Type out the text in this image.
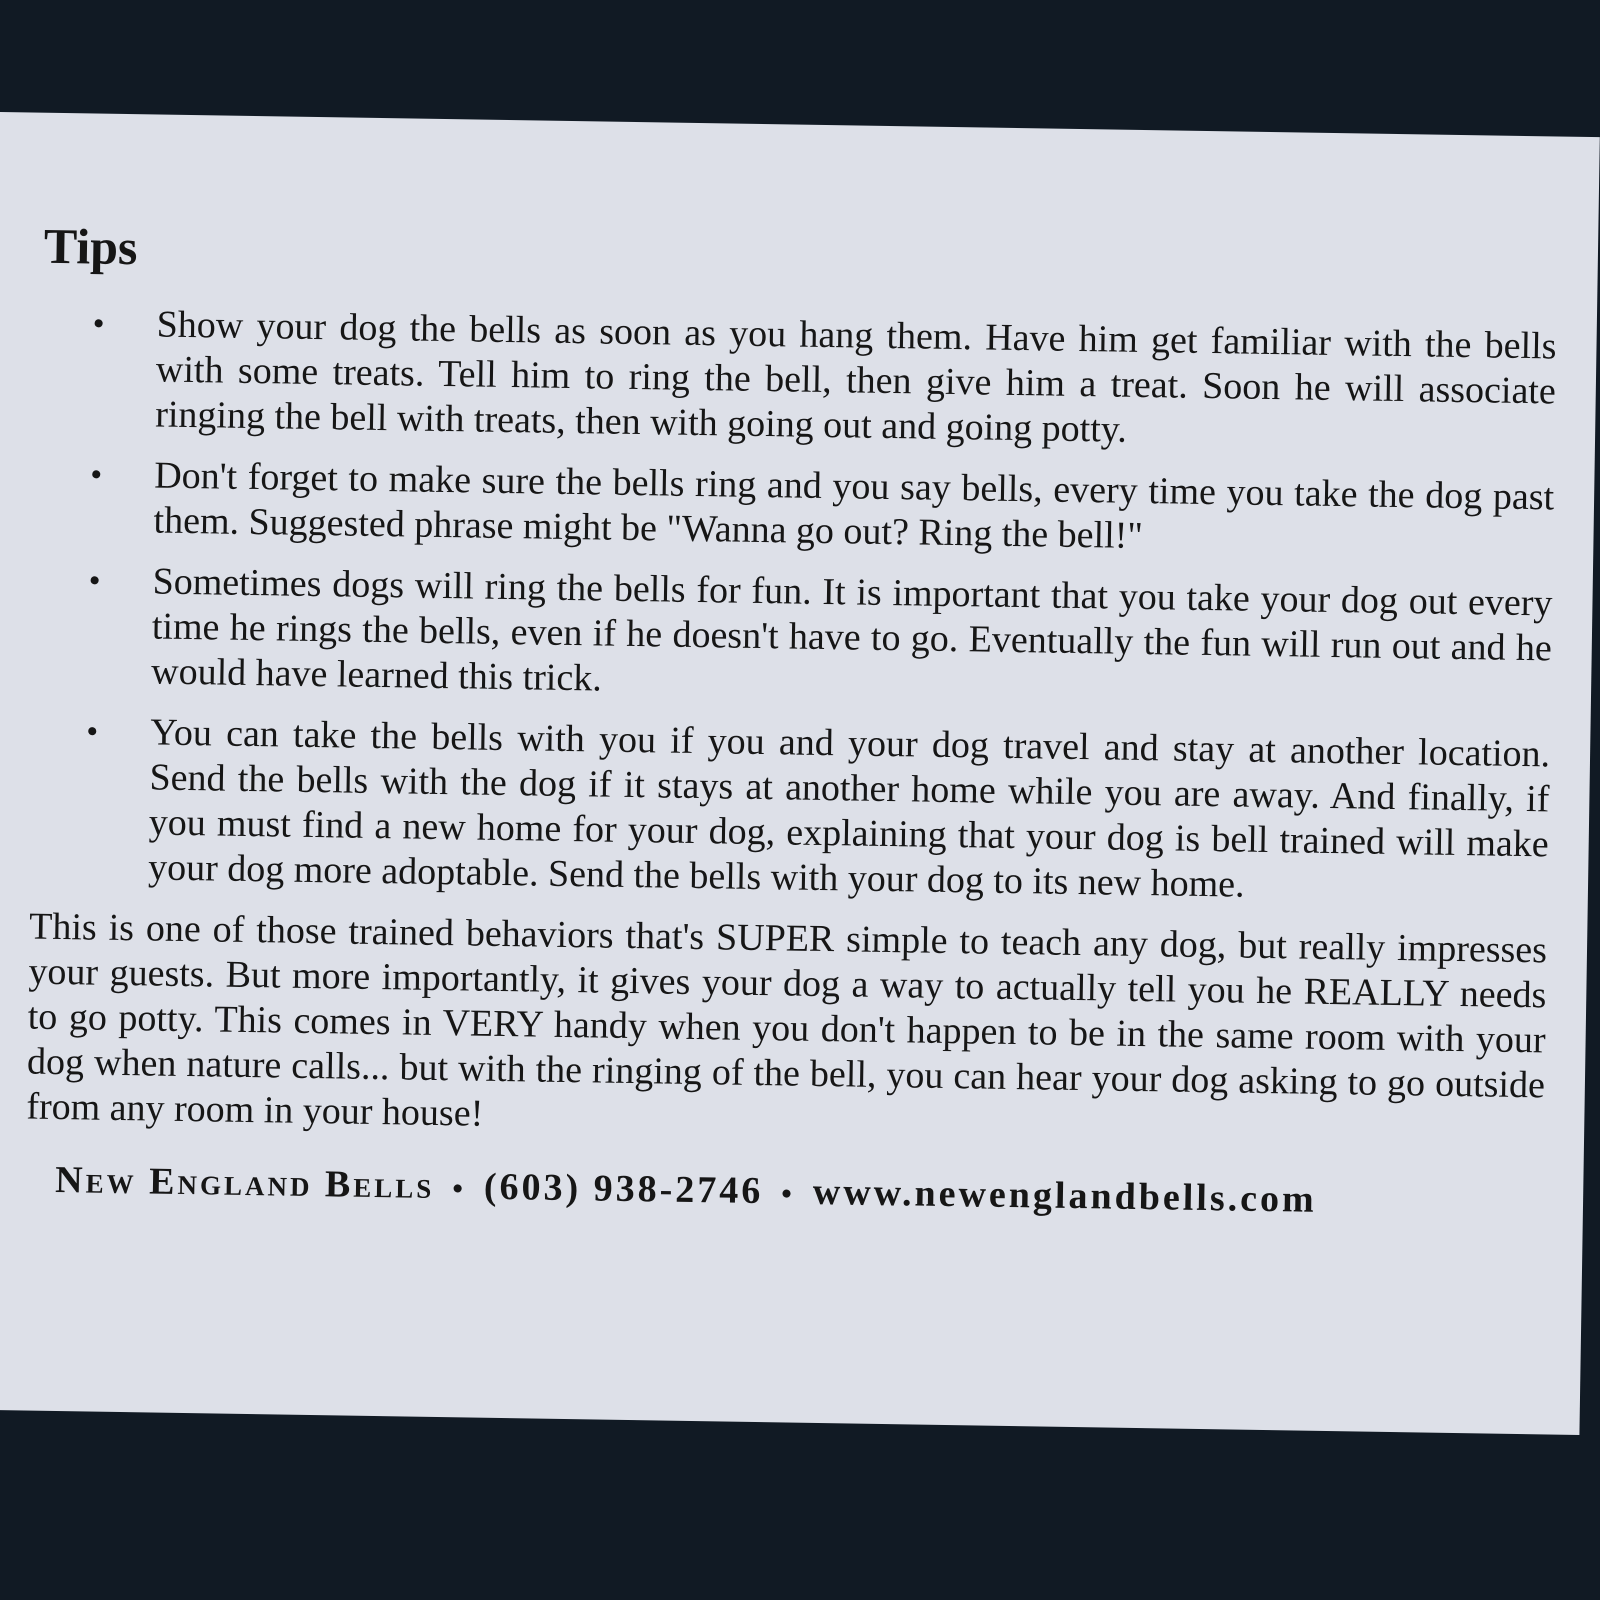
Tips
• Show your dog the bells as soon as you hang them. Have him get familiar with the bells with some treats. Tell him to ring the bell, then give him a treat. Soon he will associate ringing the bell with treats, then with going out and going potty.
• Don't forget to make sure the bells ring and you say bells, every time you take the dog past them. Suggested phrase might be "Wanna go out? Ring the bell!"
• Sometimes dogs will ring the bells for fun. It is important that you take your dog out every time he rings the bells, even if he doesn't have to go. Eventually the fun will run out and he would have learned this trick.
• You can take the bells with you if you and your dog travel and stay at another location. Send the bells with the dog if it stays at another home while you are away. And finally, if you must find a new home for your dog, explaining that your dog is bell trained will make your dog more adoptable. Send the bells with your dog to its new home.

This is one of those trained behaviors that's SUPER simple to teach any dog, but really impresses your guests. But more importantly, it gives your dog a way to actually tell you he REALLY needs to go potty. This comes in VERY handy when you don't happen to be in the same room with your dog when nature calls... but with the ringing of the bell, you can hear your dog asking to go outside from any room in your house!

New England Bells • (603) 938-2746 • www.newenglandbells.com
